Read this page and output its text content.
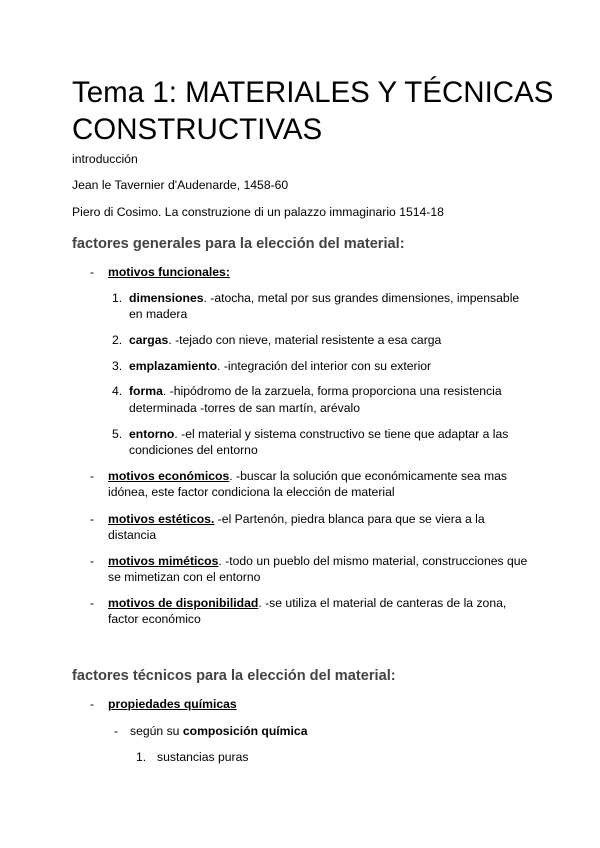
Tema 1: MATERIALES Y TÉCNICAS
CONSTRUCTIVAS
introducción
Jean le Tavernier d'Audenarde, 1458-60
Piero di Cosimo. La construzione di un palazzo immaginario 1514-18
factores generales para la elección del material:
- motivos funcionales:
1. dimensiones. -atocha, metal por sus grandes dimensiones, impensable
en madera
2. cargas. -tejado con nieve, material resistente a esa carga
3. emplazamiento. -integración del interior con su exterior
4. forma. -hipódromo de la zarzuela, forma proporciona una resistencia
determinada -torres de san martín, arévalo
5. entorno. -el material y sistema constructivo se tiene que adaptar a las
condiciones del entorno
- motivos económicos. -buscar la solución que económicamente sea mas
idónea, este factor condiciona la elección de material
- motivos estéticos. -el Partenón, piedra blanca para que se viera a la
distancia
- motivos miméticos. -todo un pueblo del mismo material, construcciones que
se mimetizan con el entorno
- motivos de disponibilidad. -se utiliza el material de canteras de la zona,
factor económico
factores técnicos para la elección del material:
- propiedades químicas
- según su composición química
1. sustancias puras
